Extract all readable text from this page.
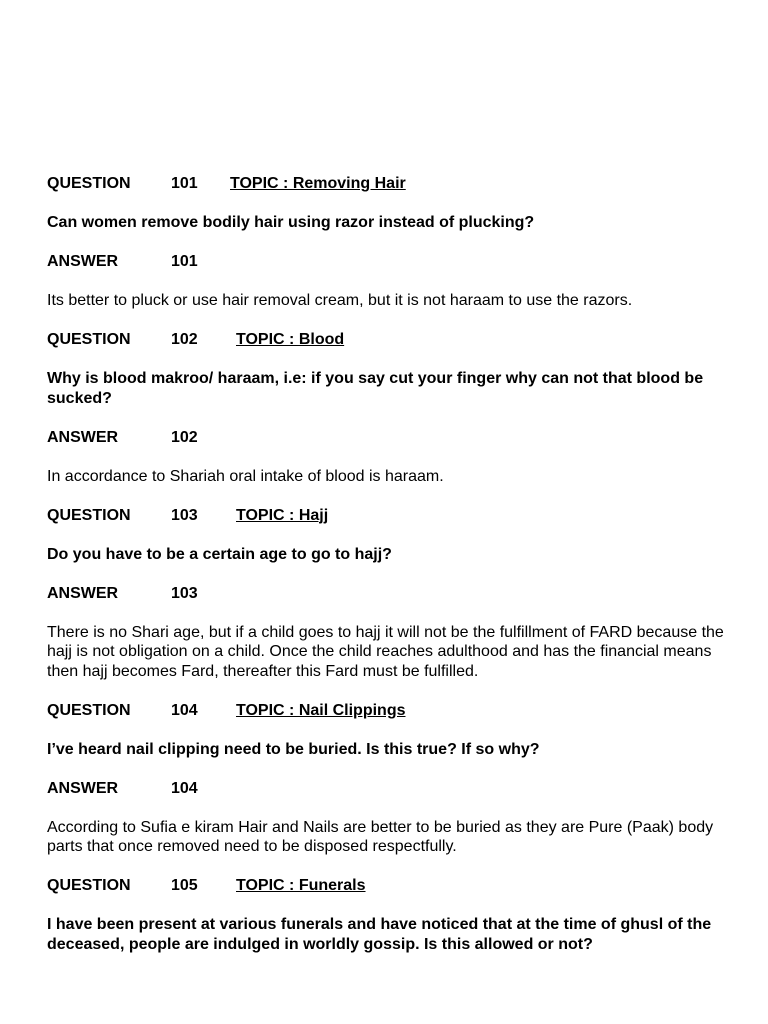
QUESTION	101 TOPIC : Removing Hair
Can women remove bodily hair using razor instead of plucking?
ANSWER	101
Its better to pluck or use hair removal cream, but it is not haraam to use the razors.
QUESTION	102 TOPIC : Blood
Why is blood makroo/ haraam, i.e: if you say cut your finger why can not that blood be sucked?
ANSWER	102
In accordance to Shariah oral intake of blood is haraam.
QUESTION	103 TOPIC : Hajj
Do you have to be a certain age to go to hajj?
ANSWER	103
There is no Shari age, but if a child goes to hajj it will not be the fulfillment of FARD because the hajj is not obligation on a child. Once the child reaches adulthood and has the financial means then hajj becomes Fard, thereafter this Fard must be fulfilled.
QUESTION	104 TOPIC : Nail Clippings
I’ve heard nail clipping need to be buried. Is this true? If so why?
ANSWER	104
According to Sufia e kiram Hair and Nails are better to be buried as they are Pure (Paak) body parts that once removed need to be disposed respectfully.
QUESTION	105 TOPIC : Funerals
I have been present at various funerals and have noticed that at the time of ghusl of the deceased, people are indulged in worldly gossip. Is this allowed or not?
